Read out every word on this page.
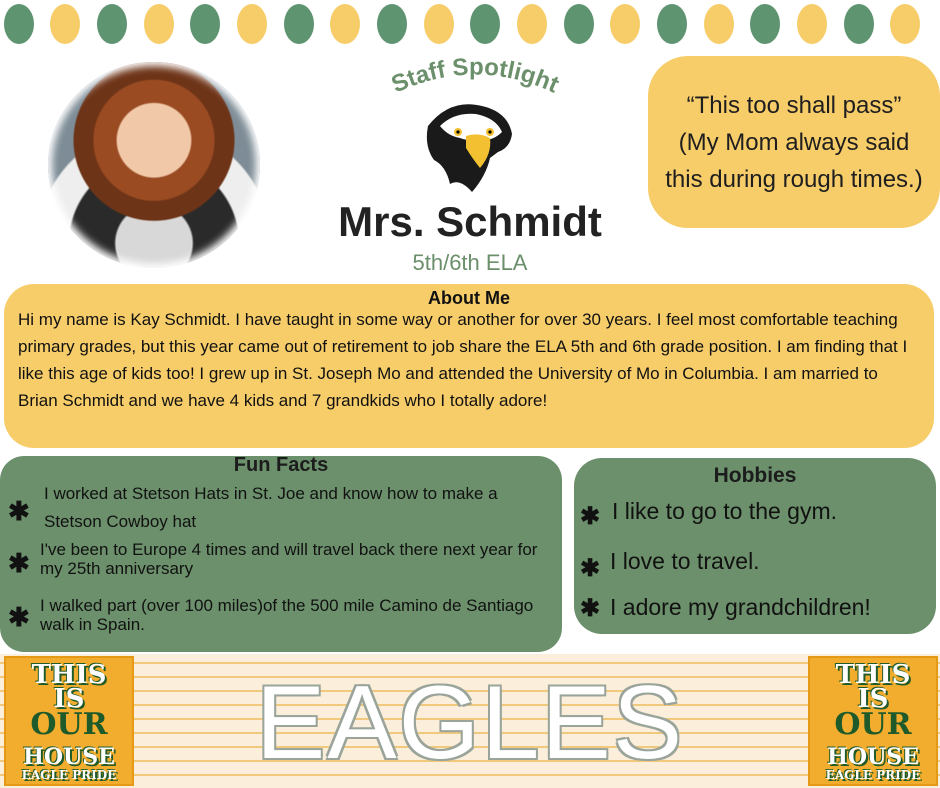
Staff Spotlight
Mrs. Schmidt
5th/6th ELA
“This too shall pass” (My Mom always said this during rough times.)
About Me
Hi my name is Kay Schmidt. I have taught in some way or another for over 30 years. I feel most comfortable teaching primary grades, but this year came out of retirement to job share the ELA 5th and 6th grade position. I am finding that I like this age of kids too! I grew up in St. Joseph Mo and attended the University of Mo in Columbia. I am married to Brian Schmidt and we have 4 kids and 7 grandkids who I totally adore!
Fun Facts
✱
I worked at Stetson Hats in St. Joe and know how to make a Stetson Cowboy hat
✱ I've been to Europe 4 times and will travel back there next year for my 25th anniversary
✱ I walked part (over 100 miles)of the 500 mile Camino de Santiago walk in Spain.
Hobbies
✱ I like to go to the gym.
✱ I love to travel.
✱ I adore my grandchildren!
THIS
IS
OUR
HOUSE
EAGLE PRIDE	EAGLES	THIS
IS
OUR
HOUSE
EAGLE PRIDE
